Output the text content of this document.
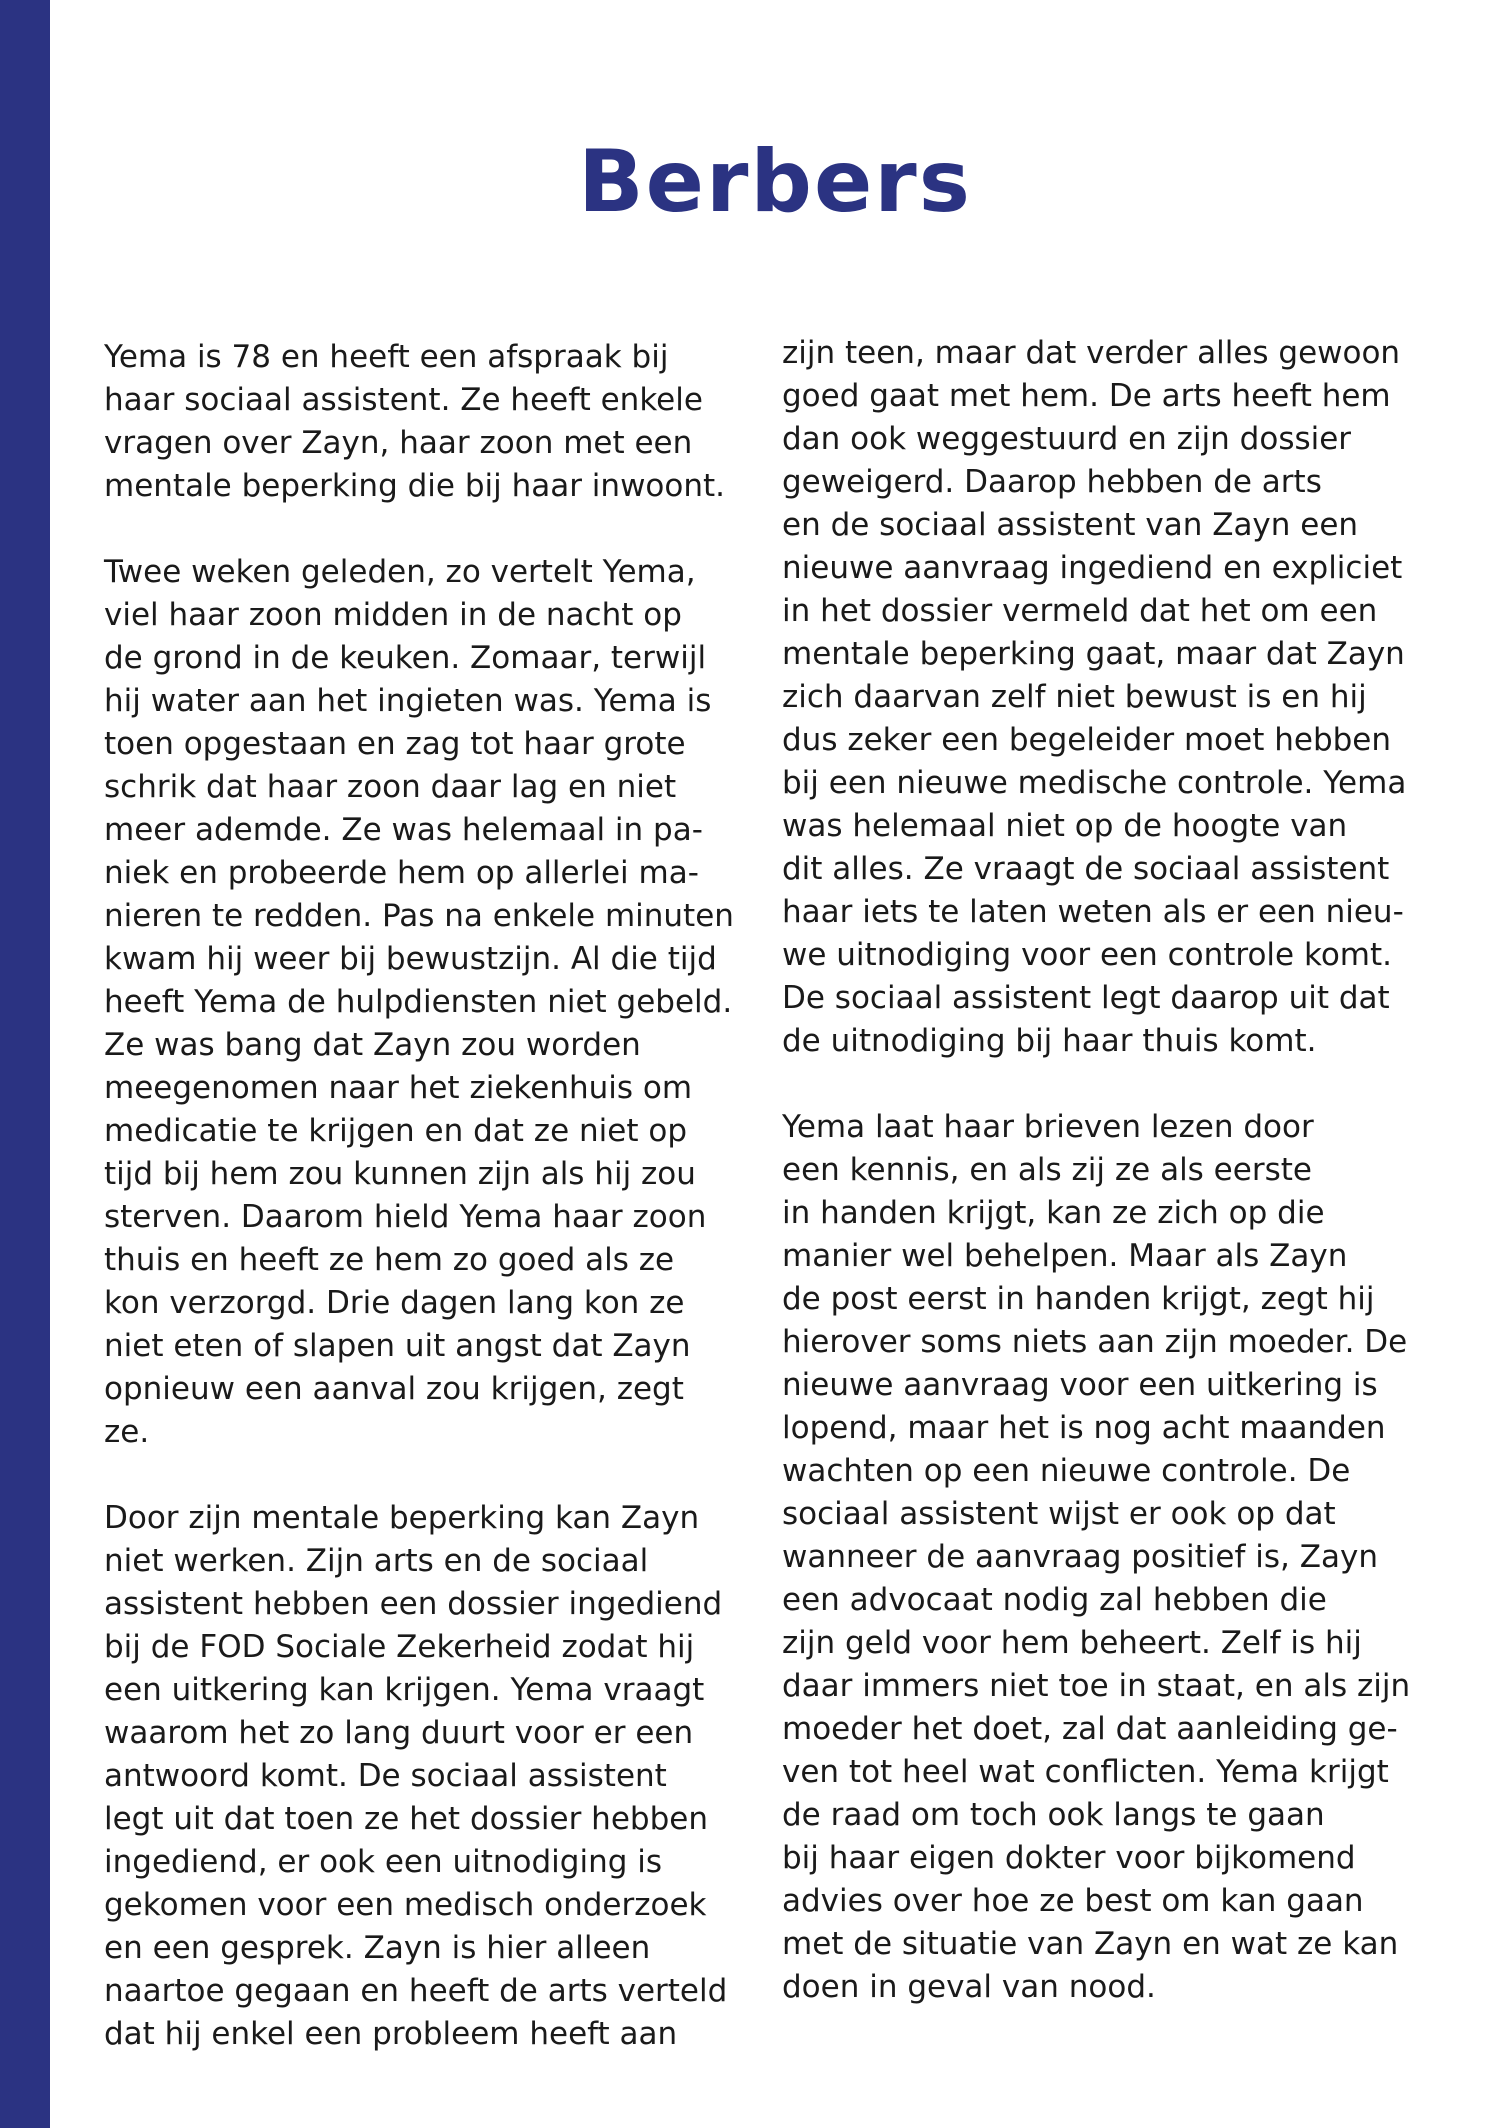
Berbers

Yema is 78 en heeft een afspraak bij
haar sociaal assistent. Ze heeft enkele
vragen over Zayn, haar zoon met een
mentale beperking die bij haar inwoont.

Twee weken geleden, zo vertelt Yema,
viel haar zoon midden in de nacht op
de grond in de keuken. Zomaar, terwijl
hij water aan het ingieten was. Yema is
toen opgestaan en zag tot haar grote
schrik dat haar zoon daar lag en niet
meer ademde. Ze was helemaal in pa-
niek en probeerde hem op allerlei ma-
nieren te redden. Pas na enkele minuten
kwam hij weer bij bewustzijn. Al die tijd
heeft Yema de hulpdiensten niet gebeld.
Ze was bang dat Zayn zou worden
meegenomen naar het ziekenhuis om
medicatie te krijgen en dat ze niet op
tijd bij hem zou kunnen zijn als hij zou
sterven. Daarom hield Yema haar zoon
thuis en heeft ze hem zo goed als ze
kon verzorgd. Drie dagen lang kon ze
niet eten of slapen uit angst dat Zayn
opnieuw een aanval zou krijgen, zegt
ze.

Door zijn mentale beperking kan Zayn
niet werken. Zijn arts en de sociaal
assistent hebben een dossier ingediend
bij de FOD Sociale Zekerheid zodat hij
een uitkering kan krijgen. Yema vraagt
waarom het zo lang duurt voor er een
antwoord komt. De sociaal assistent
legt uit dat toen ze het dossier hebben
ingediend, er ook een uitnodiging is
gekomen voor een medisch onderzoek
en een gesprek. Zayn is hier alleen
naartoe gegaan en heeft de arts verteld
dat hij enkel een probleem heeft aan

zijn teen, maar dat verder alles gewoon
goed gaat met hem. De arts heeft hem
dan ook weggestuurd en zijn dossier
geweigerd. Daarop hebben de arts
en de sociaal assistent van Zayn een
nieuwe aanvraag ingediend en expliciet
in het dossier vermeld dat het om een
mentale beperking gaat, maar dat Zayn
zich daarvan zelf niet bewust is en hij
dus zeker een begeleider moet hebben
bij een nieuwe medische controle. Yema
was helemaal niet op de hoogte van
dit alles. Ze vraagt de sociaal assistent
haar iets te laten weten als er een nieu-
we uitnodiging voor een controle komt.
De sociaal assistent legt daarop uit dat
de uitnodiging bij haar thuis komt.

Yema laat haar brieven lezen door
een kennis, en als zij ze als eerste
in handen krijgt, kan ze zich op die
manier wel behelpen. Maar als Zayn
de post eerst in handen krijgt, zegt hij
hierover soms niets aan zijn moeder. De
nieuwe aanvraag voor een uitkering is
lopend, maar het is nog acht maanden
wachten op een nieuwe controle. De
sociaal assistent wijst er ook op dat
wanneer de aanvraag positief is, Zayn
een advocaat nodig zal hebben die
zijn geld voor hem beheert. Zelf is hij
daar immers niet toe in staat, en als zijn
moeder het doet, zal dat aanleiding ge-
ven tot heel wat conflicten. Yema krijgt
de raad om toch ook langs te gaan
bij haar eigen dokter voor bijkomend
advies over hoe ze best om kan gaan
met de situatie van Zayn en wat ze kan
doen in geval van nood.
